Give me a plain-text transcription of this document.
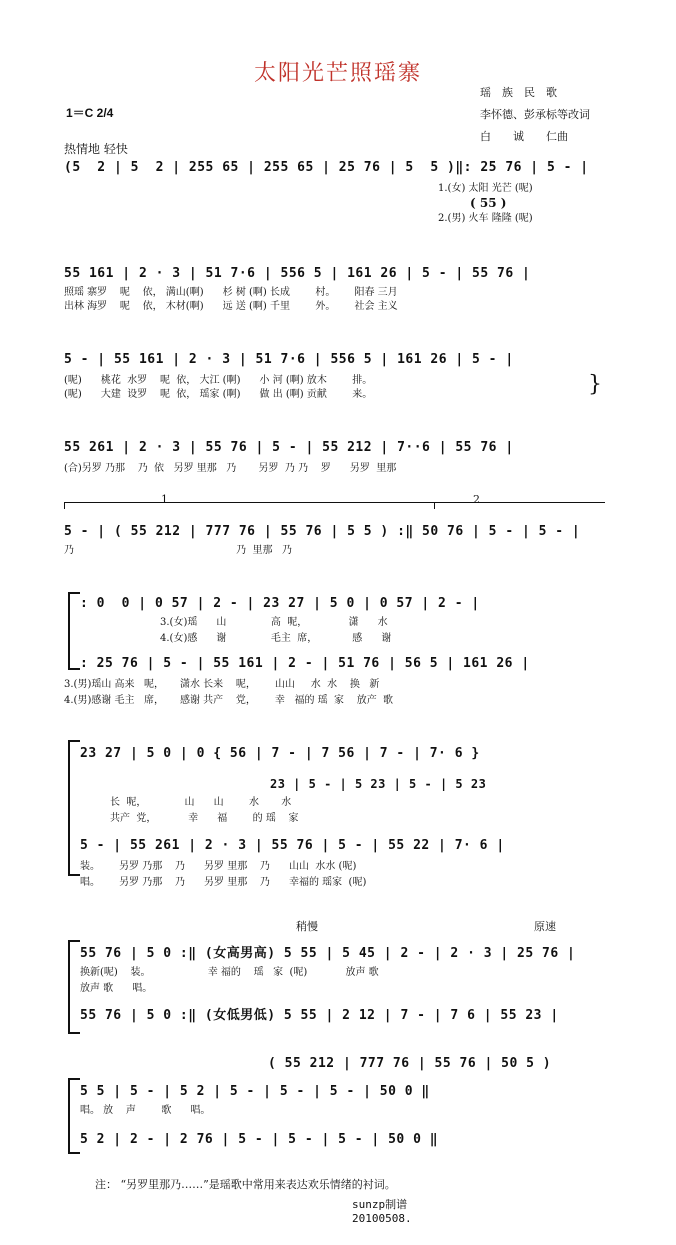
太阳光芒照瑶寨
瑶　族　民　歌
李怀德、彭承标等改词
白　　诚　　仁曲
1＝C 2/4
热情地 轻快
(5  2 | 5  2 | 255 65 | 255 65 | 25 76 | 5  5 )‖: 25 76 | 5 - |
1.(女) 太阳 光芒 (呢)
( 55 )
2.(男) 火车 隆隆 (呢)
55 161 | 2 · 3 | 51 7·6 | 556 5 | 161 26 | 5 - | 55 76 |
照瑶 寨罗    呢    依， 满山(啊)      杉 树 (啊) 长成        村。      阳春 三月
出林 海罗    呢    依， 木材(啊)      远 送 (啊) 千里        外。      社会 主义
5 - | 55 161 | 2 · 3 | 51 7·6 | 556 5 | 161 26 | 5 - |
(呢)      桃花  水罗    呢  依， 大江 (啊)      小 河 (啊) 放木        排。
(呢)      大建  设罗    呢  依， 瑶家 (啊)      做 出 (啊) 贡献        来。	}
55 261 | 2 · 3 | 55 76 | 5 - | 55 212 | 7··6 | 55 76 |
(合)另罗 乃那    乃  依   另罗 里那   乃       另罗  乃 乃    罗      另罗  里那
1	2
5 - | ( 55 212 | 777 76 | 55 76 | 5 5 ) :‖ 50 76 | 5 - | 5 - |
乃                                                   乃  里那   乃
: 0  0 | 0 57 | 2 - | 23 27 | 5 0 | 0 57 | 2 - |
3.(女)瑶      山              高  呢，             潇      水
4.(女)感      谢              毛主  席，           感      谢
: 25 76 | 5 - | 55 161 | 2 - | 51 76 | 56 5 | 161 26 |
3.(男)瑶山 高来   呢，     潇水 长来    呢，      山山     水  水    换   新
4.(男)感谢 毛主   席，     感谢 共产    党，      幸   福的 瑶  家    放产  歌
23 27 | 5 0 | 0 { 56 | 7 - | 7 56 | 7 - | 7· 6 }
23 | 5 - | 5 23 | 5 - | 5 23
长  呢，            山      山        水       水
共产  党，          幸      福        的 瑶    家
5 - | 55 261 | 2 · 3 | 55 76 | 5 - | 55 22 | 7· 6 |
装。      另罗 乃那    乃      另罗 里那    乃      山山  水水 (呢)
唱。      另罗 乃那    乃      另罗 里那    乃      幸福的 瑶家  (呢)
稍慢	原速
55 76 | 5 0 :‖ (女高男高) 5 55 | 5 45 | 2 - | 2 · 3 | 25 76 |
换新(呢)    装。                  幸 福的    瑶   家  (呢)            放声 歌
放声 歌      唱。
55 76 | 5 0 :‖ (女低男低) 5 55 | 2 12 | 7 - | 7 6 | 55 23 |
( 55 212 | 777 76 | 55 76 | 50 5 )
5 5 | 5 - | 5 2 | 5 - | 5 - | 5 - | 50 0 ‖
唱。 放    声        歌      唱。
5 2 | 2 - | 2 76 | 5 - | 5 - | 5 - | 50 0 ‖
注： “另罗里那乃……”是瑶歌中常用来表达欢乐情绪的衬词。
sunzp制谱20100508.
